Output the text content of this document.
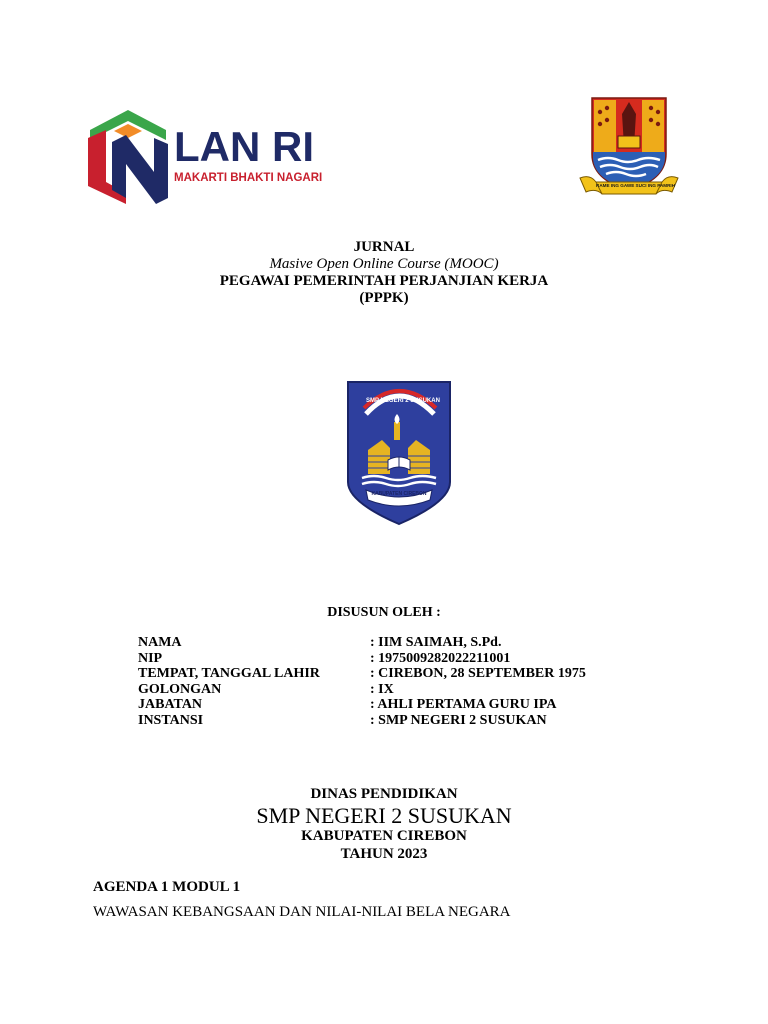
LAN RI
MAKARTI BHAKTI NAGARI
RAME ING GAWE SUCI ING PAMRIH
JURNAL
Masive Open Online Course (MOOC)
PEGAWAI PEMERINTAH PERJANJIAN KERJA
(PPPK)
SMP NEGERI 2 SUSUKAN
KABUPATEN CIREBON
DISUSUN OLEH :
NAMA	: IIM SAIMAH, S.Pd.
NIP	: 197500928202221100​1
TEMPAT, TANGGAL LAHIR	: CIREBON, 28 SEPTEMBER 1975
GOLONGAN	: IX
JABATAN	: AHLI PERTAMA GURU IPA
INSTANSI	: SMP NEGERI 2 SUSUKAN
DINAS PENDIDIKAN
SMP NEGERI 2 SUSUKAN
KABUPATEN CIREBON
TAHUN 2023
AGENDA 1 MODUL 1
WAWASAN KEBANGSAAN DAN NILAI-NILAI BELA NEGARA
